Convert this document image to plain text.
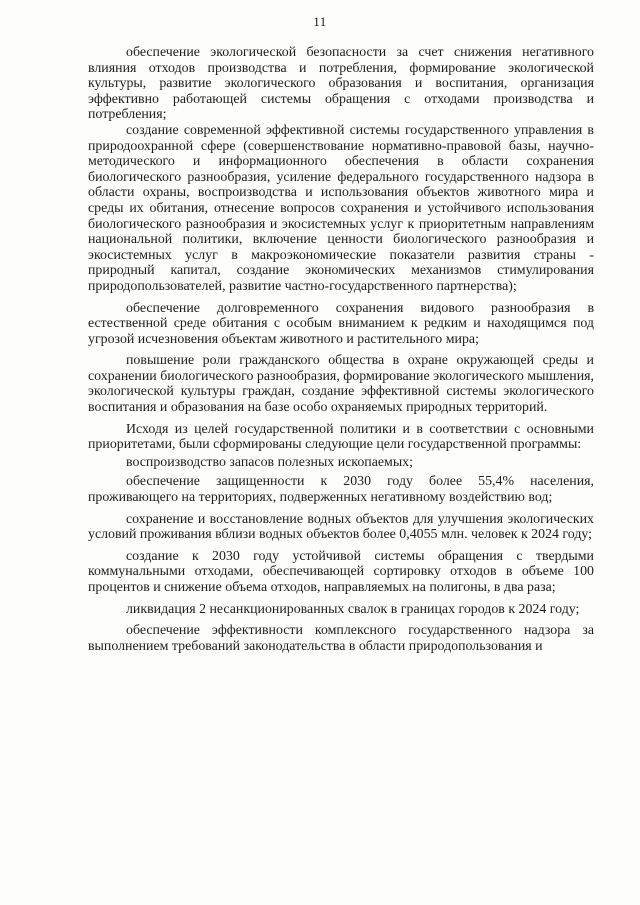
11

обеспечение экологической безопасности за счет снижения негативного влияния отходов производства и потребления, формирование экологической культуры, развитие экологического образования и воспитания, организация эффективно работающей системы обращения с отходами производства и потребления;

создание современной эффективной системы государственного управления в природоохранной сфере (совершенствование нормативно-правовой базы, научно-методического и информационного обеспечения в области сохранения биологического разнообразия, усиление федерального государственного надзора в области охраны, воспроизводства и использования объектов животного мира и среды их обитания, отнесение вопросов сохранения и устойчивого использования биологического разнообразия и экосистемных услуг к приоритетным направлениям национальной политики, включение ценности биологического разнообразия и экосистемных услуг в макроэкономические показатели развития страны - природный капитал, создание экономических механизмов стимулирования природопользователей, развитие частно-государственного партнерства);

обеспечение долговременного сохранения видового разнообразия в естественной среде обитания с особым вниманием к редким и находящимся под угрозой исчезновения объектам животного и растительного мира;

повышение роли гражданского общества в охране окружающей среды и сохранении биологического разнообразия, формирование экологического мышления, экологической культуры граждан, создание эффективной системы экологического воспитания и образования на базе особо охраняемых природных территорий.

Исходя из целей государственной политики и в соответствии с основными приоритетами, были сформированы следующие цели государственной программы:

воспроизводство запасов полезных ископаемых;

обеспечение защищенности к 2030 году более 55,4% населения, проживающего на территориях, подверженных негативному воздействию вод;

сохранение и восстановление водных объектов для улучшения экологических условий проживания вблизи водных объектов более 0,4055 млн. человек к 2024 году;

создание к 2030 году устойчивой системы обращения с твердыми коммунальными отходами, обеспечивающей сортировку отходов в объеме 100 процентов и снижение объема отходов, направляемых на полигоны, в два раза;

ликвидация 2 несанкционированных свалок в границах городов к 2024 году;

обеспечение эффективности комплексного государственного надзора за выполнением требований законодательства в области природопользования и
